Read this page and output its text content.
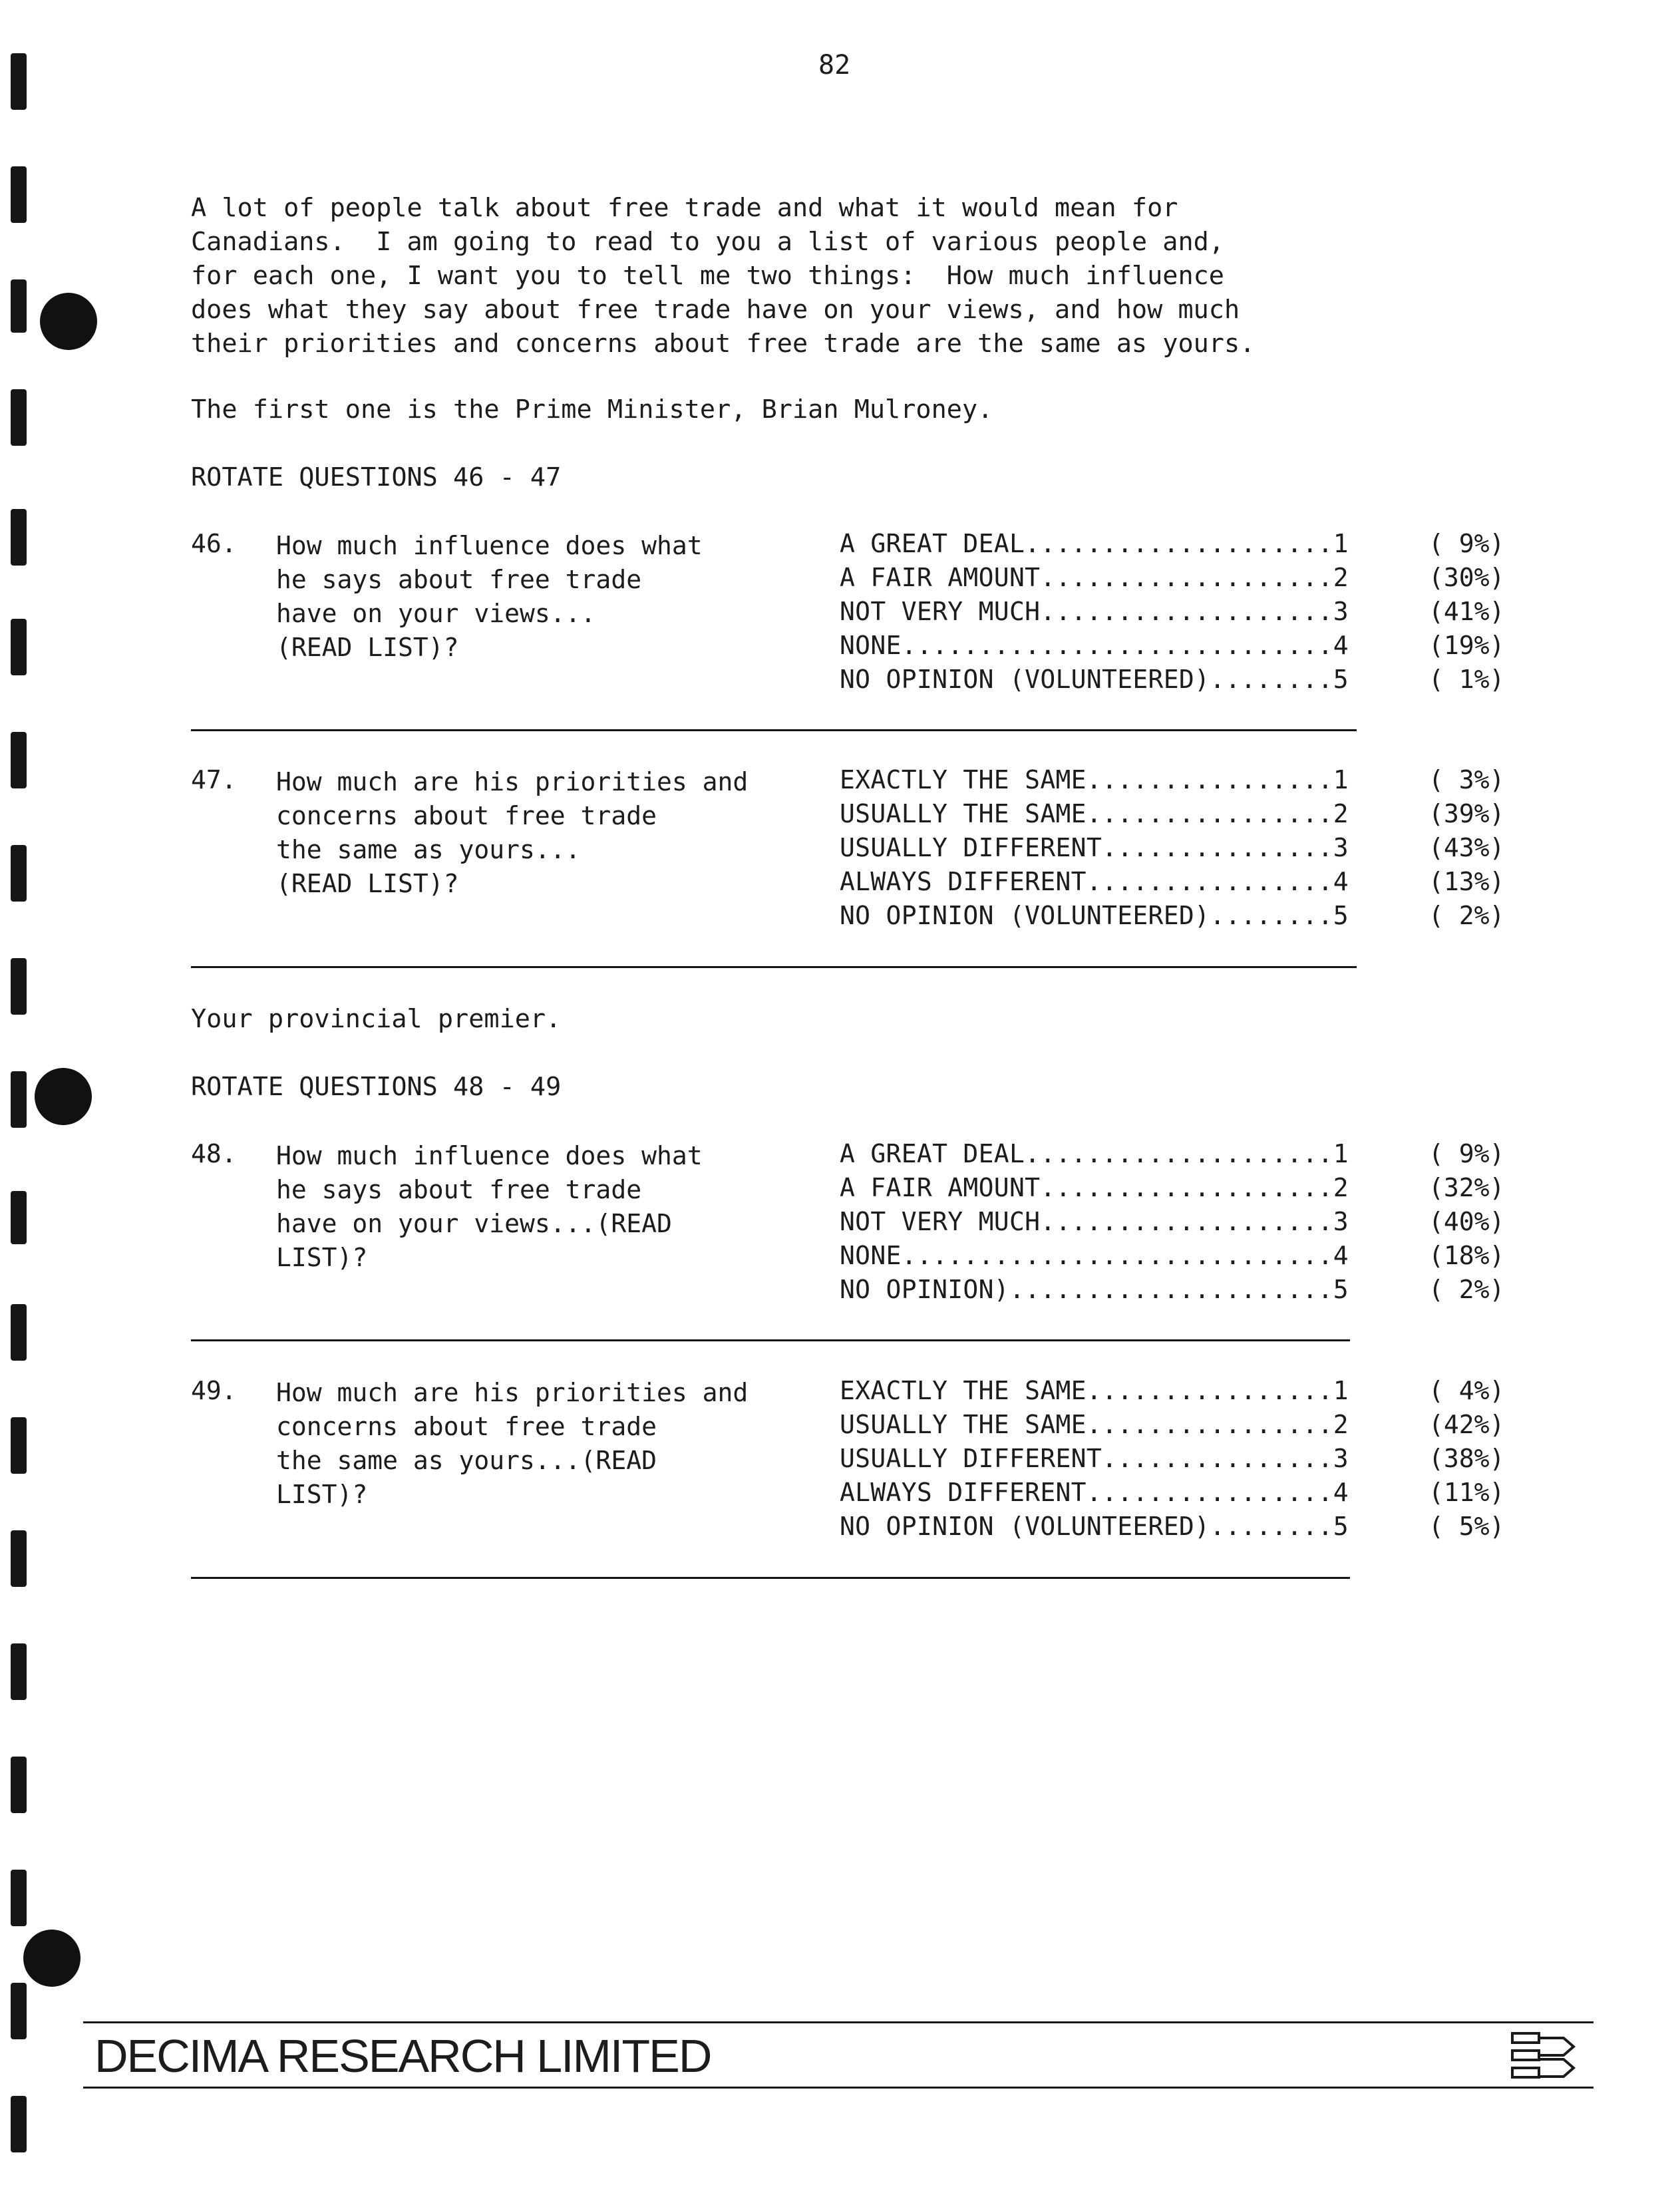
82
A lot of people talk about free trade and what it would mean for
Canadians.  I am going to read to you a list of various people and,
for each one, I want you to tell me two things:  How much influence
does what they say about free trade have on your views, and how much
their priorities and concerns about free trade are the same as yours.
The first one is the Prime Minister, Brian Mulroney.
ROTATE QUESTIONS 46 - 47
46. How much influence does what
he says about free trade
have on your views...
(READ LIST)?
A GREAT DEAL....................1	( 9%)
A FAIR AMOUNT...................2	(30%)
NOT VERY MUCH...................3	(41%)
NONE............................4	(19%)
NO OPINION (VOLUNTEERED)........5	( 1%)
47. How much are his priorities and
concerns about free trade
the same as yours...
(READ LIST)?
EXACTLY THE SAME................1	( 3%)
USUALLY THE SAME................2	(39%)
USUALLY DIFFERENT...............3	(43%)
ALWAYS DIFFERENT................4	(13%)
NO OPINION (VOLUNTEERED)........5	( 2%)
Your provincial premier.
ROTATE QUESTIONS 48 - 49
48. How much influence does what
he says about free trade
have on your views...(READ
LIST)?
A GREAT DEAL....................1	( 9%)
A FAIR AMOUNT...................2	(32%)
NOT VERY MUCH...................3	(40%)
NONE............................4	(18%)
NO OPINION).....................5	( 2%)
49. How much are his priorities and
concerns about free trade
the same as yours...(READ
LIST)?
EXACTLY THE SAME................1	( 4%)
USUALLY THE SAME................2	(42%)
USUALLY DIFFERENT...............3	(38%)
ALWAYS DIFFERENT................4	(11%)
NO OPINION (VOLUNTEERED)........5	( 5%)
DECIMA RESEARCH LIMITED
